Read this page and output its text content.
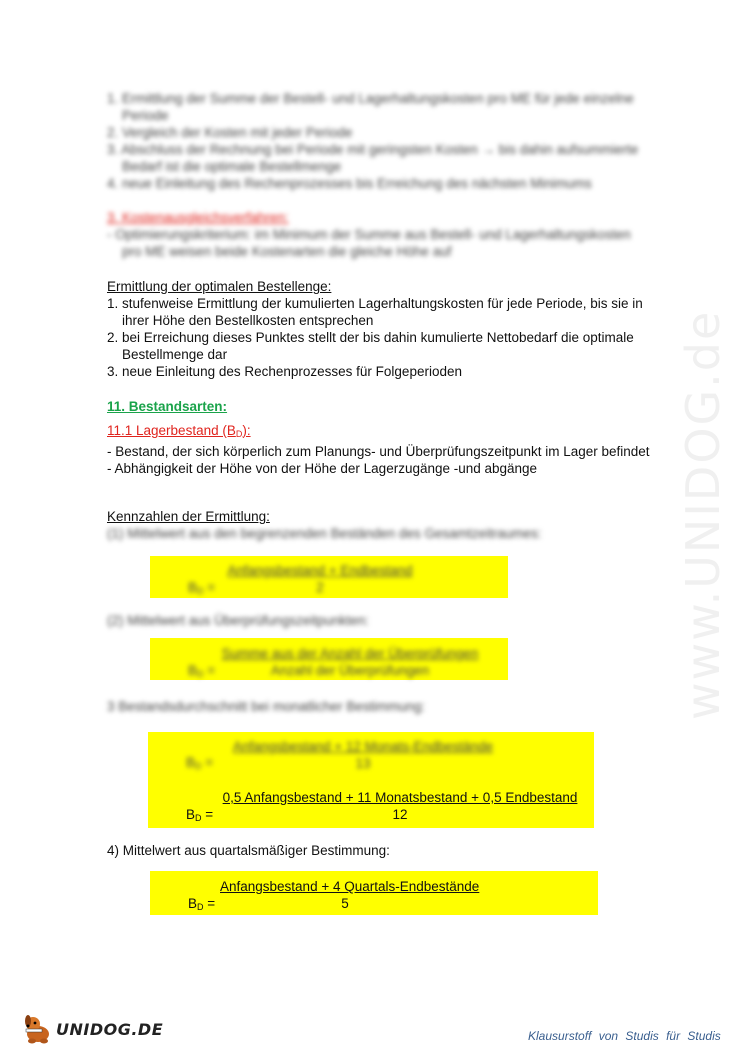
www.UNIDOG.de
1. Ermittlung der Summe der Bestell- und Lagerhaltungskosten pro ME für jede einzelne Periode
2. Vergleich der Kosten mit jeder Periode
3. Abschluss der Rechnung bei Periode mit geringsten Kosten → bis dahin aufsummierte Bedarf ist die optimale Bestellmenge
4. neue Einleitung des Rechenprozesses bis Erreichung des nächsten Minimums
3. Kostenausgleichsverfahren:
- Optimierungskriterium: im Minimum der Summe aus Bestell- und Lagerhaltungskosten pro ME weisen beide Kostenarten die gleiche Höhe auf
Ermittlung der optimalen Bestellenge:
1. stufenweise Ermittlung der kumulierten Lagerhaltungskosten für jede Periode, bis sie in ihrer Höhe den Bestellkosten entsprechen
2. bei Erreichung dieses Punktes stellt der bis dahin kumulierte Nettobedarf die optimale Bestellmenge dar
3. neue Einleitung des Rechenprozesses für Folgeperioden
11. Bestandsarten:
11.1 Lagerbestand $(B_D)$:
- Bestand, der sich körperlich zum Planungs- und Überprüfungszeitpunkt im Lager befindet
- Abhängigkeit der Höhe von der Höhe der Lagerzugänge -und abgänge
Kennzahlen der Ermittlung:
(1) Mittelwert aus den begrenzenden Beständen des Gesamtzeitraumes:
Anfangsbestand + Endbestand
2
$B_D$ =
(2) Mittelwert aus Überprüfungszeitpunkten:
Summe aus der Anzahl der Überprüfungen
Anzahl der Überprüfungen
$B_D$ =
3 Bestandsdurchschnitt bei monatlicher Bestimmung:
Anfangsbestand + 12 Monats-Endbestände
13
$B_D$ =
0,5 Anfangsbestand + 11 Monatsbestand + 0,5 Endbestand
12
$B_D$ =
4) Mittelwert aus quartalsmäßiger Bestimmung:
Anfangsbestand + 4 Quartals-Endbestände
5
$B_D$ =
UNIDOG.DE	Klausurstoff von Studis für Studis
